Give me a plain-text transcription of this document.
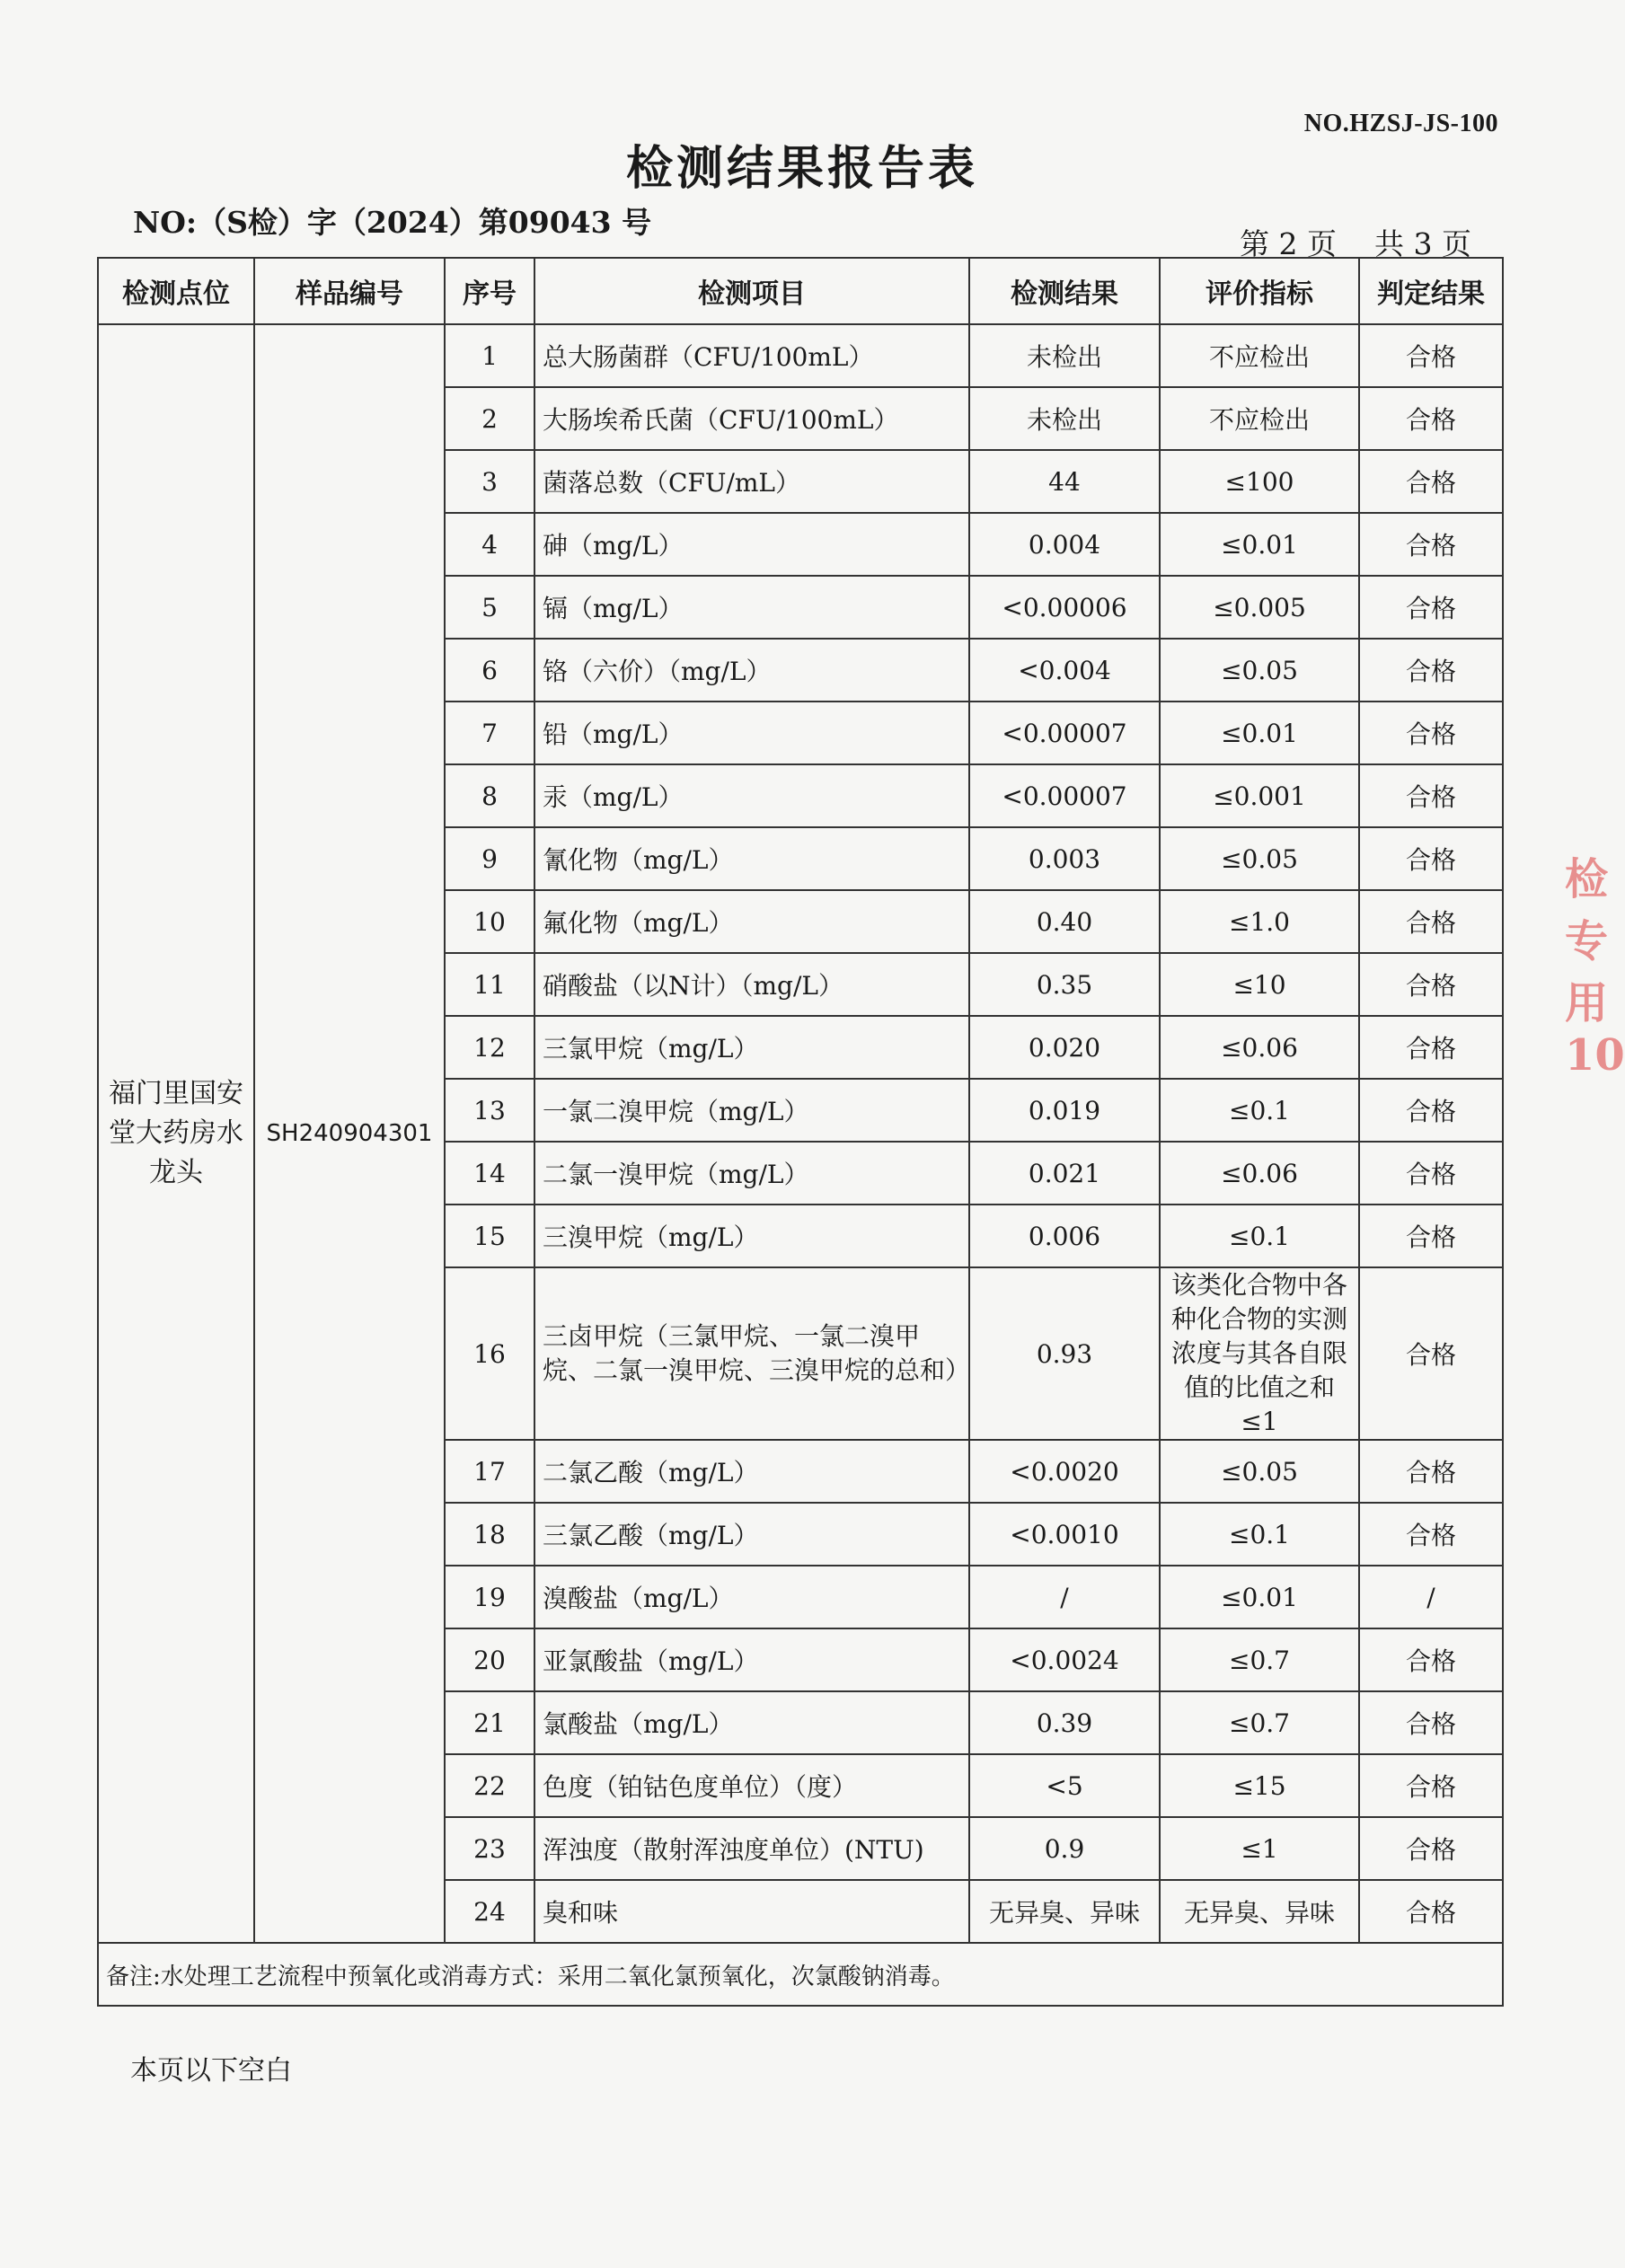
NO.HZSJ-JS-100
检测结果报告表
NO:（S检）字（2024）第09043 号
第 2 页 共 3 页
检测点位	样品编号	序号	检测项目	检测结果	评价指标	判定结果
福门里国安堂大药房水龙头	SH240904301	1	总大肠菌群（CFU/100mL）	未检出	不应检出	合格
		2	大肠埃希氏菌（CFU/100mL）	未检出	不应检出	合格
		3	菌落总数（CFU/mL）	44	≤100	合格
		4	砷（mg/L）	0.004	≤0.01	合格
		5	镉（mg/L）	<0.00006	≤0.005	合格
		6	铬（六价）（mg/L）	<0.004	≤0.05	合格
		7	铅（mg/L）	<0.00007	≤0.01	合格
		8	汞（mg/L）	<0.00007	≤0.001	合格
		9	氰化物（mg/L）	0.003	≤0.05	合格
		10	氟化物（mg/L）	0.40	≤1.0	合格
		11	硝酸盐（以N计）（mg/L）	0.35	≤10	合格
		12	三氯甲烷（mg/L）	0.020	≤0.06	合格
		13	一氯二溴甲烷（mg/L）	0.019	≤0.1	合格
		14	二氯一溴甲烷（mg/L）	0.021	≤0.06	合格
		15	三溴甲烷（mg/L）	0.006	≤0.1	合格
		16	三卤甲烷（三氯甲烷、一氯二溴甲烷、二氯一溴甲烷、三溴甲烷的总和）	0.93	该类化合物中各种化合物的实测浓度与其各自限值的比值之和≤1	合格
		17	二氯乙酸（mg/L）	<0.0020	≤0.05	合格
		18	三氯乙酸（mg/L）	<0.0010	≤0.1	合格
		19	溴酸盐（mg/L）	/	≤0.01	/
		20	亚氯酸盐（mg/L）	<0.0024	≤0.7	合格
		21	氯酸盐（mg/L）	0.39	≤0.7	合格
		22	色度（铂钴色度单位）（度）	<5	≤15	合格
		23	浑浊度（散射浑浊度单位）(NTU)	0.9	≤1	合格
		24	臭和味	无异臭、异味	无异臭、异味	合格
备注:水处理工艺流程中预氧化或消毒方式：采用二氧化氯预氧化，次氯酸钠消毒。						
本页以下空白
检
专
用
10
